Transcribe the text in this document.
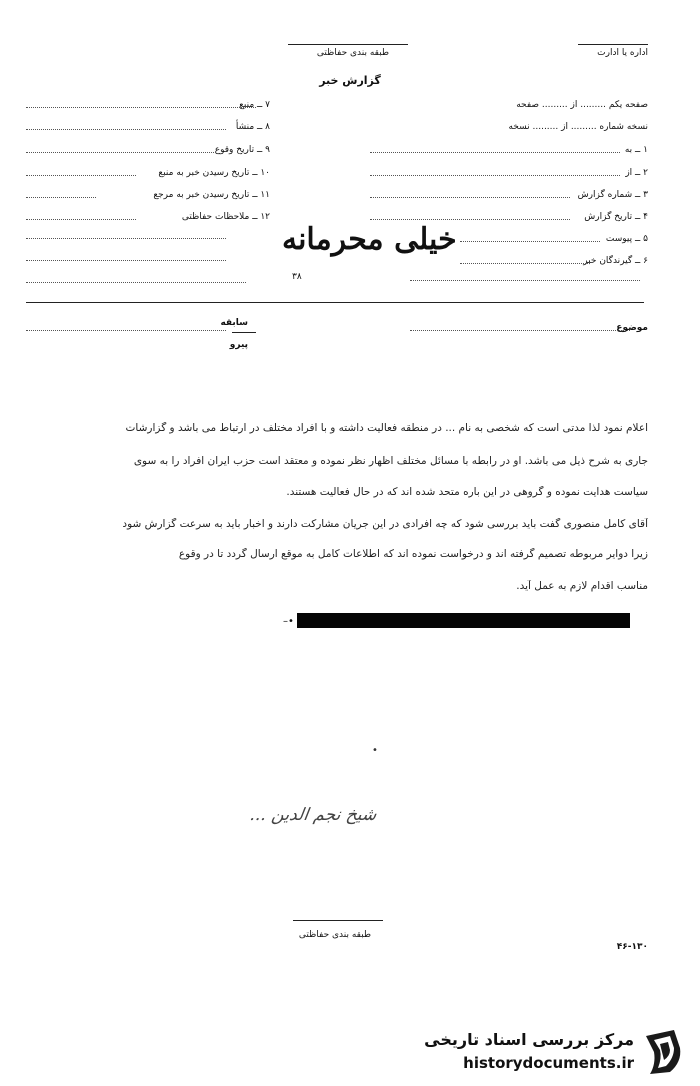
اداره یا ادارت
طبقه بندی حفاظتی
گزارش خبر
صفحه یکم ......... از ......... صفحه
نسخه شماره ......... از ......... نسخه
۱ ــ به
۲ ــ از
۳ ــ شماره گزارش
۴ ــ تاریخ گزارش
۵ ــ پیوست
۶ ــ گیرندگان خبر
۷ ــ منبع
۸ ــ منشأ
۹ ــ تاریخ وقوع
۱۰ ــ تاریخ رسیدن خبر به منبع
۱۱ ــ تاریخ رسیدن خبر به مرجع
۱۲ ــ ملاحظات حفاظتی
خیلی محرمانه
۳۸
موضوع
سابقه
پیرو
اعلام نمود لذا مدتی است که شخصی به نام ... در منطقه فعالیت داشته و با افراد مختلف در ارتباط می باشد و گزارشات
جاری به شرح ذیل می باشد. او در رابطه با مسائل مختلف اظهار نظر نموده و معتقد است حزب ایران افراد را به سوی
سیاست هدایت نموده و گروهی در این باره متحد شده اند که در حال فعالیت هستند.
آقای کامل منصوری گفت باید بررسی شود که چه افرادی در این جریان مشارکت دارند و اخبار باید به سرعت گزارش شود
زیرا دوایر مربوطه تصمیم گرفته اند و درخواست نموده اند که اطلاعات کامل به موقع ارسال گردد تا در وقوع
مناسب اقدام لازم به عمل آید.
–•
•
شیخ نجم الدین ...
طبقه بندی حفاظتی
۴۶-۱۳۰
مرکز بررسی اسناد تاریخی
historydocuments.ir
